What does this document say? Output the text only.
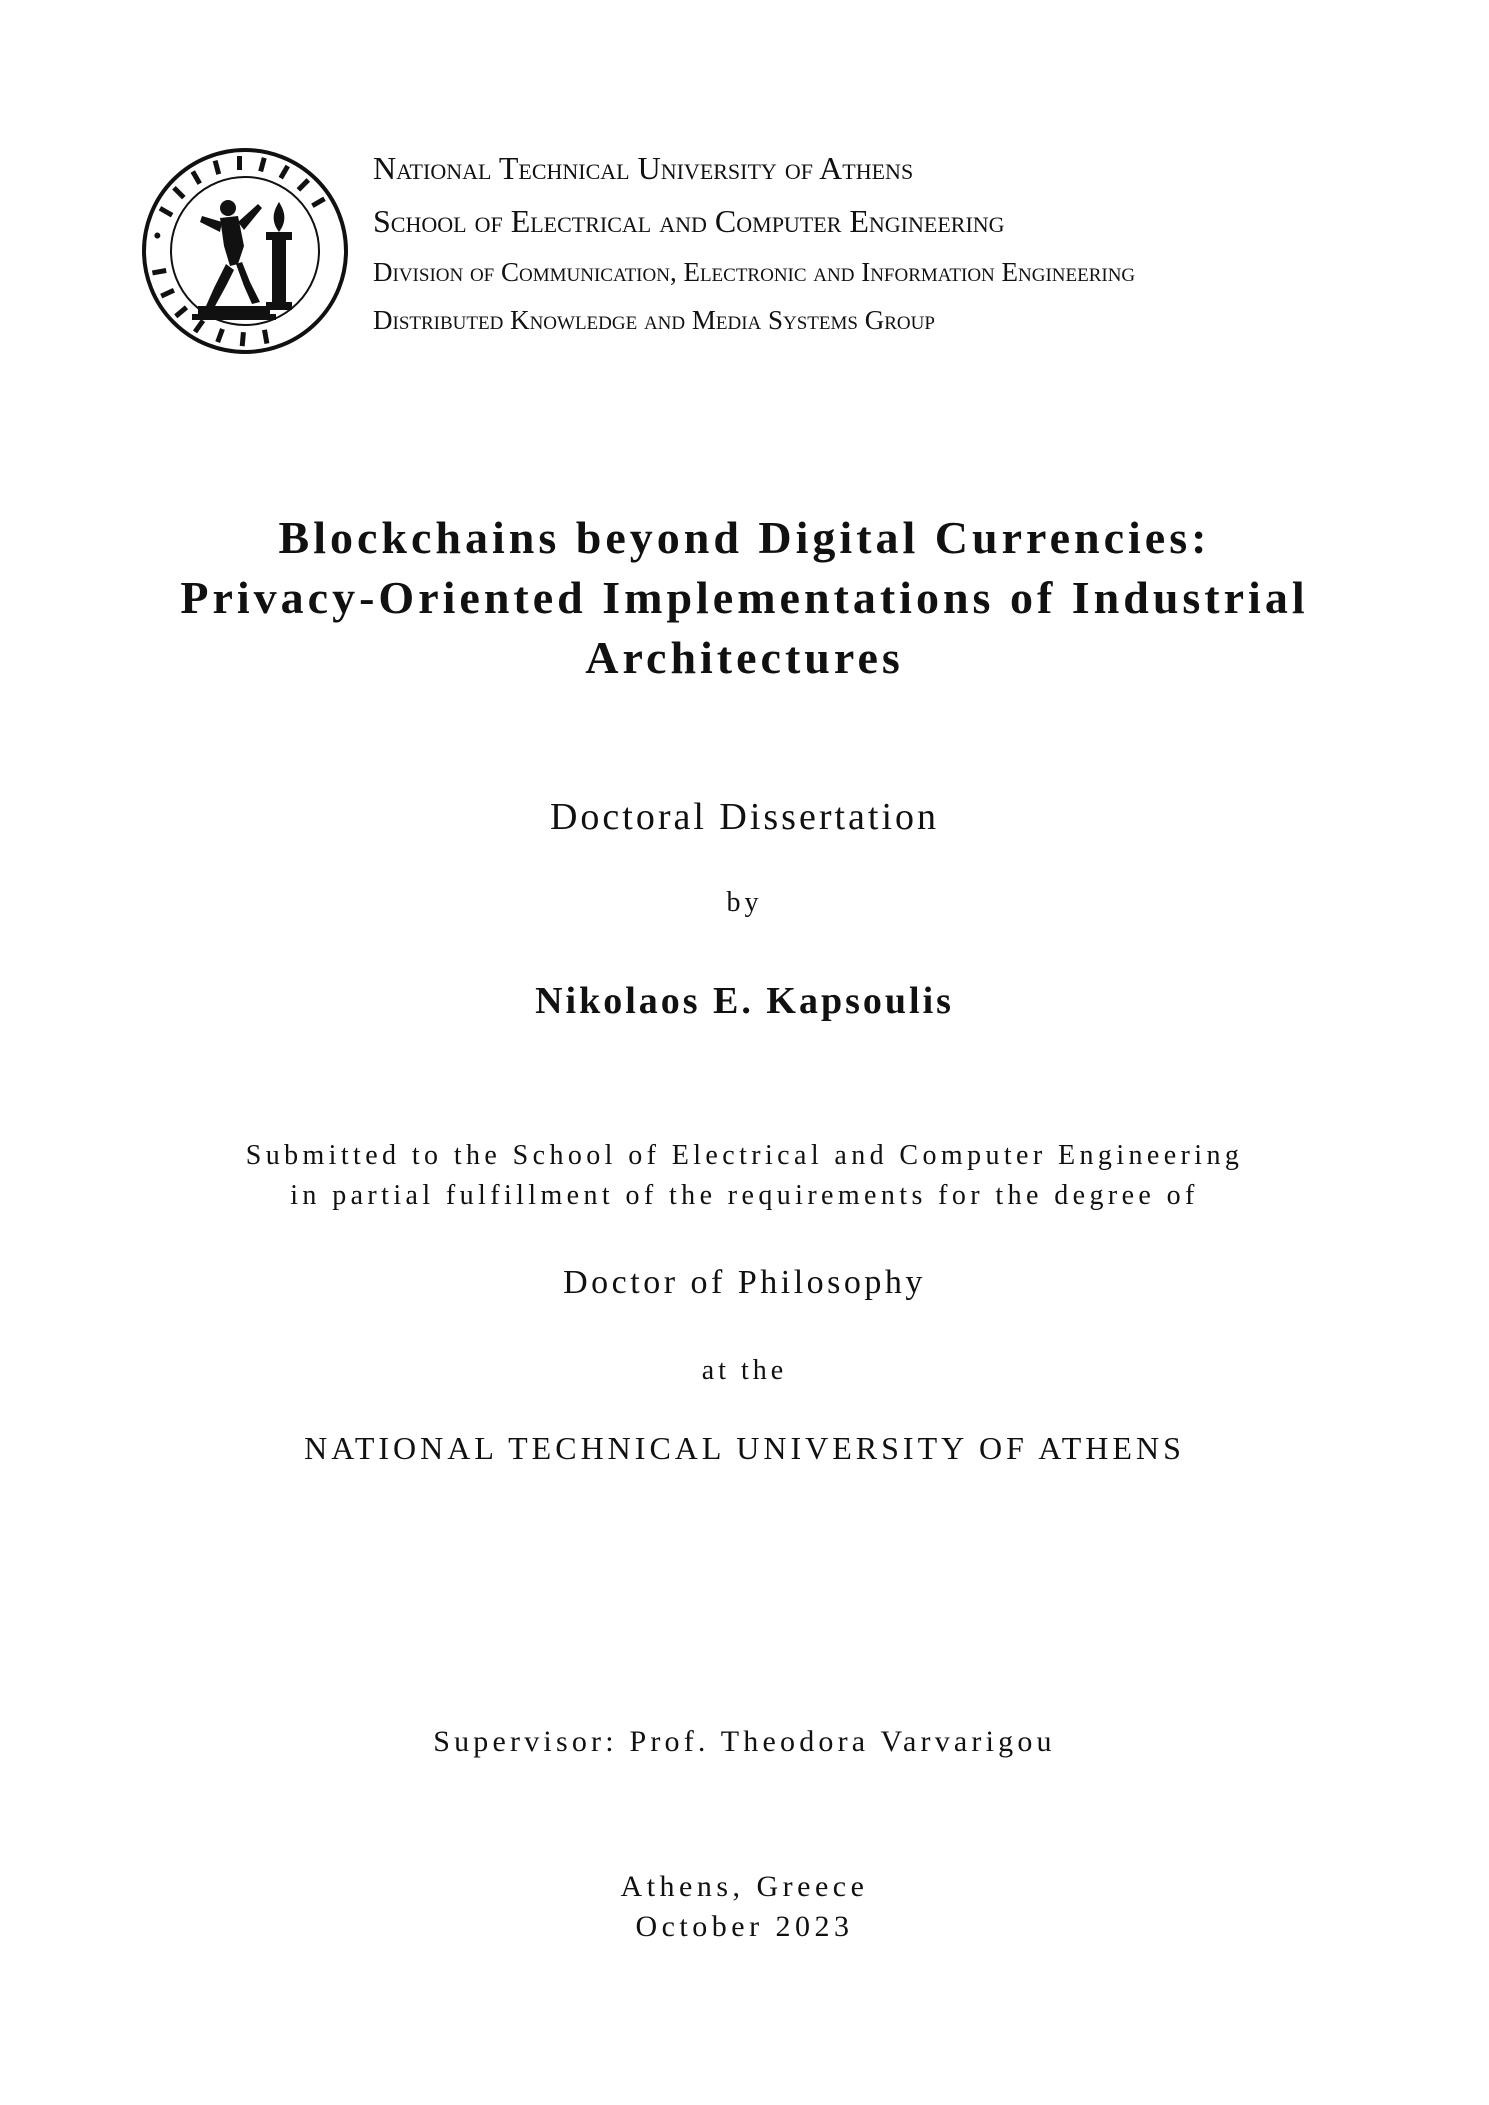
National Technical University of Athens
School of Electrical and Computer Engineering
Division of Communication, Electronic and Information Engineering
Distributed Knowledge and Media Systems Group
Blockchains beyond Digital Currencies:
Privacy-Oriented Implementations of Industrial
Architectures
Doctoral Dissertation
by
Nikolaos E. Kapsoulis
Submitted to the School of Electrical and Computer Engineering
in partial fulfillment of the requirements for the degree of
Doctor of Philosophy
at the
NATIONAL TECHNICAL UNIVERSITY OF ATHENS
Supervisor: Prof. Theodora Varvarigou
Athens, Greece
October 2023
